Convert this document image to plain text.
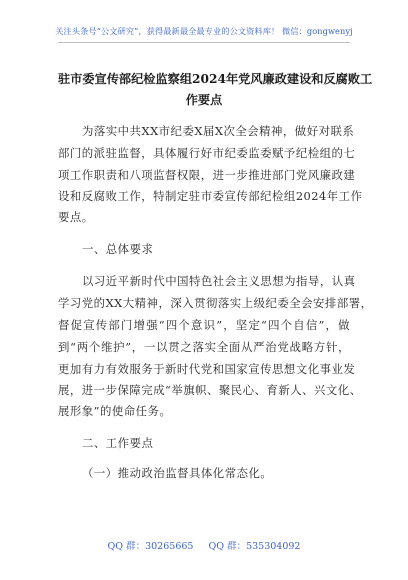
关注头条号“公文研究”，获得最新最全最专业的公文资料库！ 微信：gongwenyj
驻市委宣传部纪检监察组2024年党风廉政建设和反腐败工
作要点
为落实中共XX市纪委X届X次全会精神，做好对联系
部门的派驻监督，具体履行好市纪委监委赋予纪检组的七
项工作职责和八项监督权限，进一步推进部门党风廉政建
设和反腐败工作，特制定驻市委宣传部纪检组2024年工作
要点。
一、总体要求
以习近平新时代中国特色社会主义思想为指导，认真
学习党的XX大精神，深入贯彻落实上级纪委全会安排部署，
督促宣传部门增强“四个意识”，坚定“四个自信”，做
到“两个维护”，一以贯之落实全面从严治党战略方针，
更加有力有效服务于新时代党和国家宣传思想文化事业发
展，进一步保障完成“举旗帜、聚民心、育新人、兴文化、
展形象”的使命任务。
二、工作要点
（一）推动政治监督具体化常态化。
QQ 群：30265665 QQ 群：535304092
